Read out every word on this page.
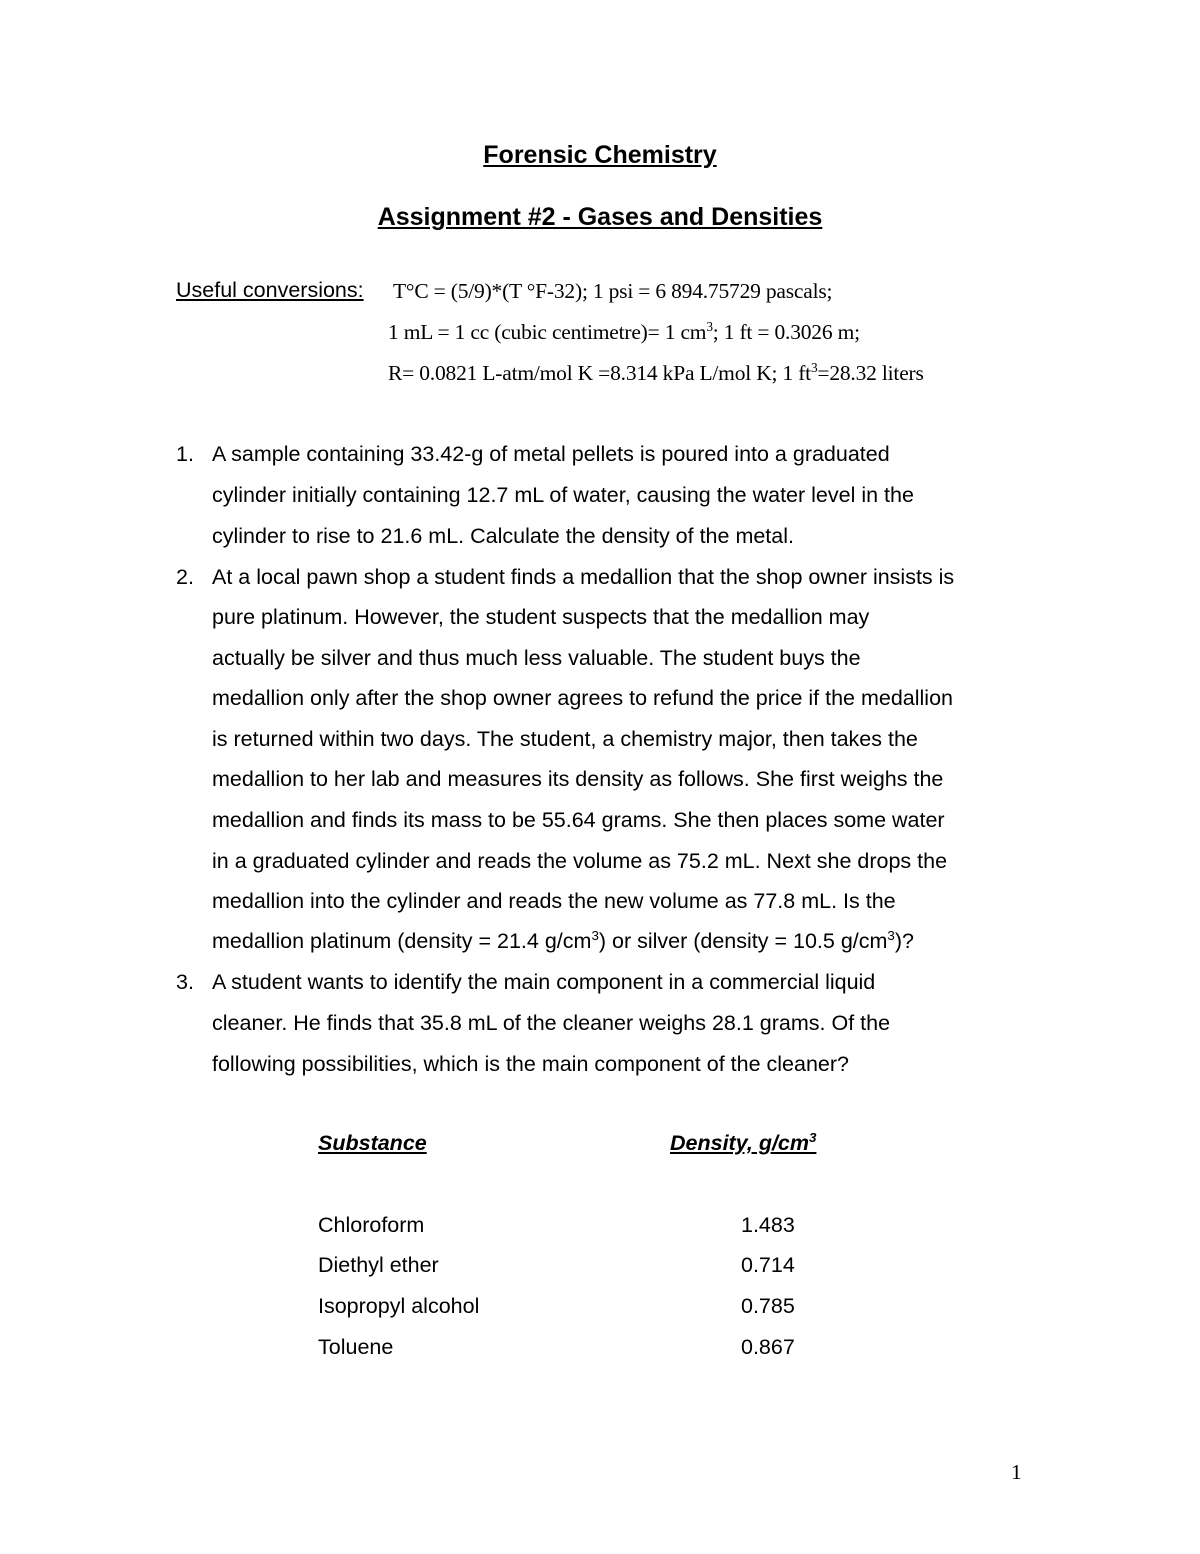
Forensic Chemistry
Assignment #2 - Gases and Densities
Useful conversions: T°C = (5/9)*(T °F-32); 1 psi = 6 894.75729 pascals;
1 mL = 1 cc (cubic centimetre)= 1 $cm^3$; 1 ft = 0.3026 m;
R= 0.0821 L-atm/mol K =8.314 kPa L/mol K; 1 $ft^3=28.32$ liters
1. A sample containing 33.42-g of metal pellets is poured into a graduated
cylinder initially containing 12.7 mL of water, causing the water level in the
cylinder to rise to 21.6 mL. Calculate the density of the metal.
2. At a local pawn shop a student finds a medallion that the shop owner insists is
pure platinum. However, the student suspects that the medallion may
actually be silver and thus much less valuable. The student buys the
medallion only after the shop owner agrees to refund the price if the medallion
is returned within two days. The student, a chemistry major, then takes the
medallion to her lab and measures its density as follows. She first weighs the
medallion and finds its mass to be 55.64 grams. She then places some water
in a graduated cylinder and reads the volume as 75.2 mL. Next she drops the
medallion into the cylinder and reads the new volume as 77.8 mL. Is the
medallion platinum (density = 21.4 $g/cm^3$) or silver (density = 10.5 $g/cm^3$)?
3. A student wants to identify the main component in a commercial liquid
cleaner. He finds that 35.8 mL of the cleaner weighs 28.1 grams. Of the
following possibilities, which is the main component of the cleaner?
Substance	Density, $g/cm^3$
Chloroform	1.483
Diethyl ether	0.714
Isopropyl alcohol	0.785
Toluene	0.867
1
